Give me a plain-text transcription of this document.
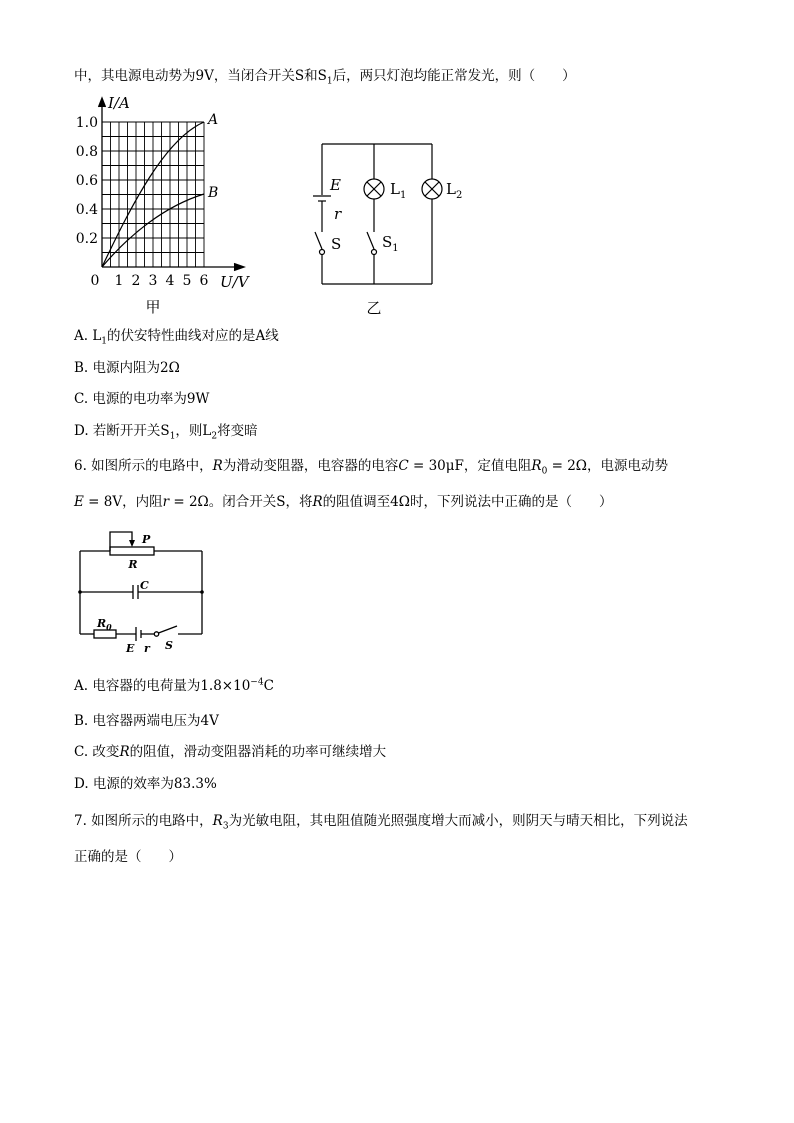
中，其电源电动势为9V，当闭合开关S和$S_1$后，两只灯泡均能正常发光，则（　　）
I/A
1.0
0.8
0.6
0.4
0.2
0 1 2 3 4 5 6 U/V
A
B
甲
E
r
S	$S_1$
$L_1$	$L_2$
乙
A. $L_1$的伏安特性曲线对应的是A线
B. 电源内阻为2Ω
C. 电源的电功率为9W
D. 若断开开关$S_1$，则$L_2$将变暗
6. 如图所示的电路中，R为滑动变阻器，电容器的电容C = 30μF，定值电阻$R_0 = 2\Omega$，电源电动势
E = 8V，内阻r = 2Ω。闭合开关S，将R的阻值调至4Ω时，下列说法中正确的是（　　）
P
R
C
$R_0$
E r S
A. 电容器的电荷量为$1.8\times 10^{-4}C$
B. 电容器两端电压为4V
C. 改变R的阻值，滑动变阻器消耗的功率可继续增大
D. 电源的效率为83.3%
7. 如图所示的电路中，$R_3$为光敏电阻，其电阻值随光照强度增大而减小，则阴天与晴天相比，下列说法
正确的是（　　）
